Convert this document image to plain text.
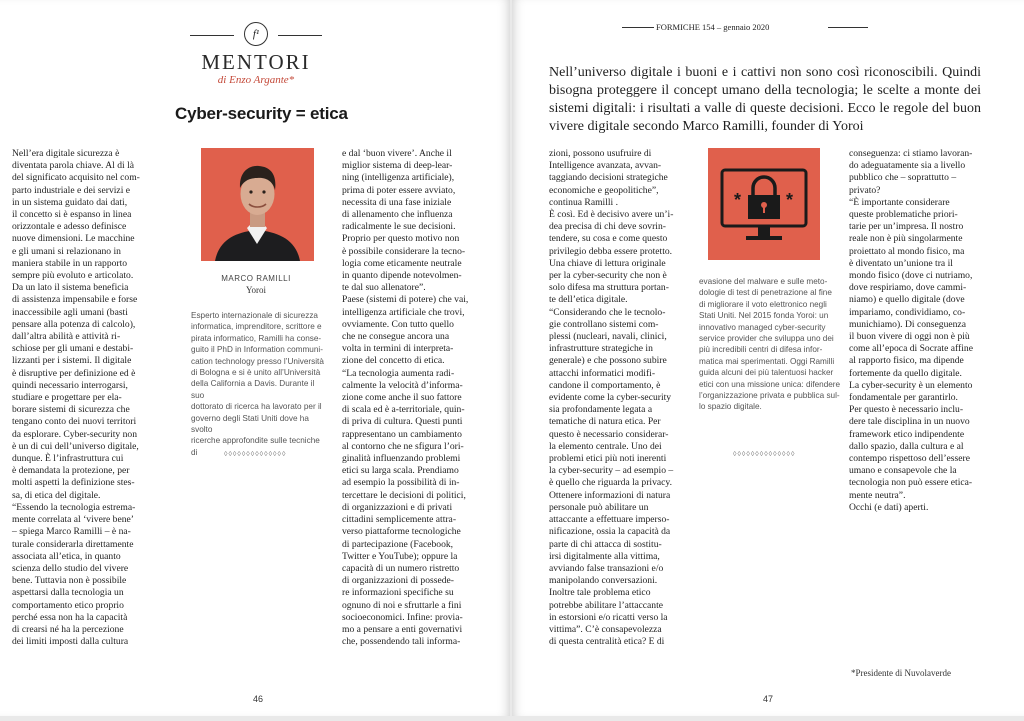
f¹
MENTORI
di Enzo Argante*
Cyber-security = etica

Nell’era digitale sicurezza è

diventata parola chiave. Al di là

del significato acquisito nel com-

parto industriale e dei servizi e

in un sistema guidato dai dati,

il concetto si è espanso in linea

orizzontale e adesso definisce

nuove dimensioni. Le macchine

e gli umani si relazionano in

maniera stabile in un rapporto

sempre più evoluto e articolato.

Da un lato il sistema beneficia

di assistenza impensabile e forse

inaccessibile agli umani (basti

pensare alla potenza di calcolo),

dall’altra abilità e attività ri-

schiose per gli umani e destabi-

lizzanti per i sistemi. Il digitale

è disruptive per definizione ed è

quindi necessario interrogarsi,

studiare e progettare per ela-

borare sistemi di sicurezza che

tengano conto dei nuovi territori

da esplorare. Cyber-security non

è un di cui dell’universo digitale,

dunque. È l’infrastruttura cui

è demandata la protezione, per

molti aspetti la definizione stes-

sa, di etica del digitale.

“Essendo la tecnologia estrema-

mente correlata al ‘vivere bene’

– spiega Marco Ramilli – è na-

turale considerarla direttamente

associata all’etica, in quanto

scienza dello studio del vivere

bene. Tuttavia non è possibile

aspettarsi dalla tecnologia un

comportamento etico proprio

perché essa non ha la capacità

di crearsi né ha la percezione

dei limiti imposti dalla cultura

MARCO RAMILLI
Yoroi
Esperto internazionale di sicurezza
informatica, imprenditore, scrittore e
pirata informatico, Ramilli ha conse-
guito il PhD in Information communi-
cation technology presso l’Università
di Bologna e si è unito all’Università
della California a Davis. Durante il suo
dottorato di ricerca ha lavorato per il
governo degli Stati Uniti dove ha svolto
ricerche approfondite sulle tecniche di	◊◊◊◊◊◊◊◊◊◊◊◊◊◊

e dal ‘buon vivere’. Anche il

miglior sistema di deep-lear-

ning (intelligenza artificiale),

prima di poter essere avviato,

necessita di una fase iniziale

di allenamento che influenza

radicalmente le sue decisioni.

Proprio per questo motivo non

è possibile considerare la tecno-

logia come eticamente neutrale

in quanto dipende notevolmen-

te dal suo allenatore”.

Paese (sistemi di potere) che vai,

intelligenza artificiale che trovi,

ovviamente. Con tutto quello

che ne consegue ancora una

volta in termini di interpreta-

zione del concetto di etica.

“La tecnologia aumenta radi-

calmente la velocità d’informa-

zione come anche il suo fattore

di scala ed è a-territoriale, quin-

di priva di cultura. Questi punti

rappresentano un cambiamento

al contorno che ne sfigura l’ori-

ginalità influenzando problemi

etici su larga scala. Prendiamo

ad esempio la possibilità di in-

tercettare le decisioni di politici,

di organizzazioni e di privati

cittadini semplicemente attra-

verso piattaforme tecnologiche

di partecipazione (Facebook,

Twitter e YouTube); oppure la

capacità di un numero ristretto

di organizzazioni di possede-

re informazioni specifiche su

ognuno di noi e sfruttarle a fini

socioeconomici. Infine: provia-

mo a pensare a enti governativi

che, possendendo tali informa-

46
FORMICHE 154 – gennaio 2020
Nell’universo digitale i buoni e i cattivi non sono così riconoscibili. Quindi bisogna proteggere il concept umano della tecnologia; le scelte a monte dei sistemi digitali: i risultati a valle di queste decisioni. Ecco le regole del buon vivere digitale secondo Marco Ramilli, founder di Yoroi

zioni, possono usufruire di

Intelligence avanzata, avvan-

taggiando decisioni strategiche

economiche e geopolitiche”,

continua Ramilli .

È così. Ed è decisivo avere un’i-

dea precisa di chi deve sovrin-

tendere, su cosa e come questo

privilegio debba essere protetto.

Una chiave di lettura originale

per la cyber-security che non è

solo difesa ma struttura portan-

te dell’etica digitale.

“Considerando che le tecnolo-

gie controllano sistemi com-

plessi (nucleari, navali, clinici,

infrastrutture strategiche in

generale) e che possono subire

attacchi informatici modifi-

candone il comportamento, è

evidente come la cyber-security

sia profondamente legata a

tematiche di natura etica. Per

questo è necessario considerar-

la elemento centrale. Uno dei

problemi etici più noti inerenti

la cyber-security – ad esempio –

è quello che riguarda la privacy.

Ottenere informazioni di natura

personale può abilitare un

attaccante a effettuare imperso-

nificazione, ossia la capacità da

parte di chi attacca di sostitu-

irsi digitalmente alla vittima,

avviando false transazioni e/o

manipolando conversazioni.

Inoltre tale problema etico

potrebbe abilitare l’attaccante

in estorsioni e/o ricatti verso la

vittima”. C’è consapevolezza

di questa centralità etica? E di

* *
evasione del malware e sulle meto-
dologie di test di penetrazione al fine
di migliorare il voto elettronico negli
Stati Uniti. Nel 2015 fonda Yoroi: un
innovativo managed cyber-security
service provider che sviluppa uno dei
più incredibili centri di difesa infor-
matica mai sperimentati. Oggi Ramilli
guida alcuni dei più talentuosi hacker
etici con una missione unica: difendere
l’organizzazione privata e pubblica sul-
lo spazio digitale.
◊◊◊◊◊◊◊◊◊◊◊◊◊◊

conseguenza: ci stiamo lavoran-

do adeguatamente sia a livello

pubblico che – soprattutto –

privato?

“È importante considerare

queste problematiche priori-

tarie per un’impresa. Il nostro

reale non è più singolarmente

proiettato al mondo fisico, ma

è diventato un’unione tra il

mondo fisico (dove ci nutriamo,

dove respiriamo, dove cammi-

niamo) e quello digitale (dove

impariamo, condividiamo, co-

munichiamo). Di conseguenza

il buon vivere di oggi non è più

come all’epoca di Socrate affine

al rapporto fisico, ma dipende

fortemente da quello digitale.

La cyber-security è un elemento

fondamentale per garantirlo.

Per questo è necessario inclu-

dere tale disciplina in un nuovo

framework etico indipendente

dallo spazio, dalla cultura e al

contempo rispettoso dell’essere

umano e consapevole che la

tecnologia non può essere etica-

mente neutra”.

Occhi (e dati) aperti.

*Presidente di Nuvolaverde
47
